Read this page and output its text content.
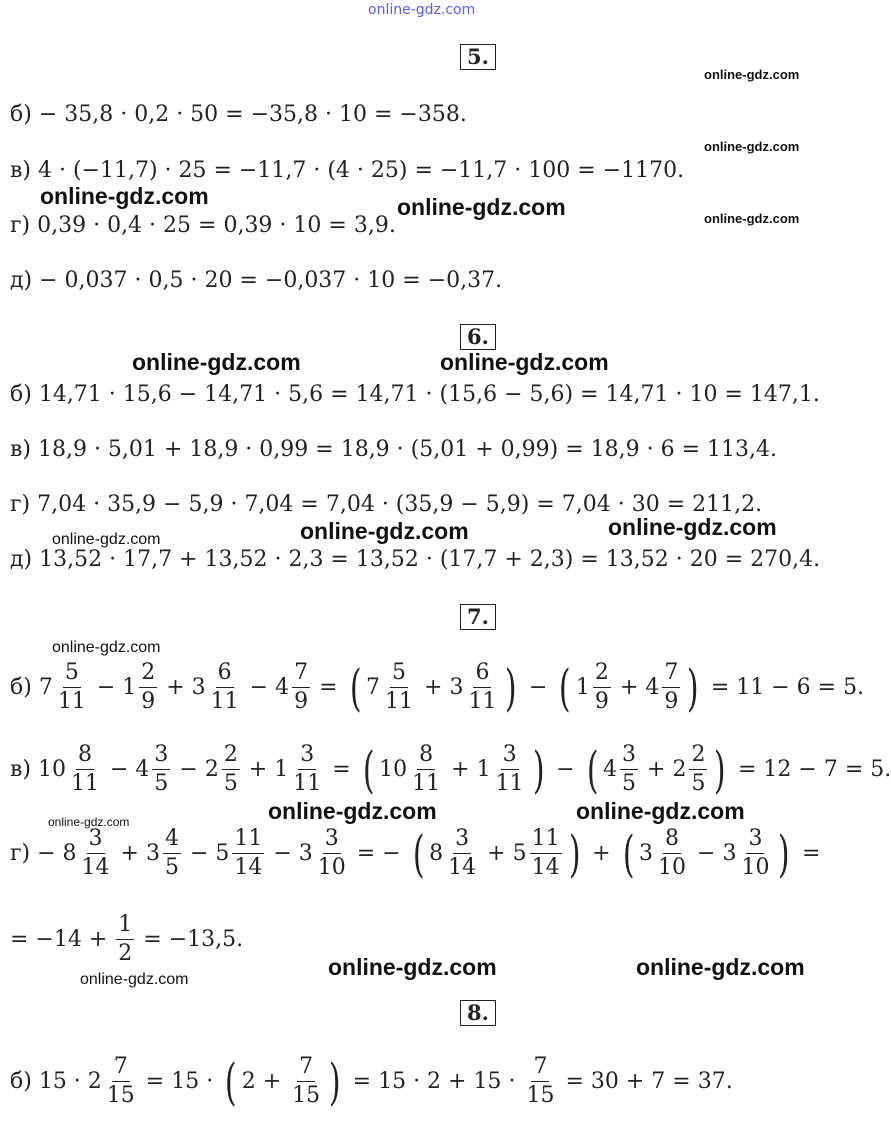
online-gdz.com
5.
б) − 35,8 · 0,2 · 50 = −35,8 · 10 = −358.
в) 4 · (−11,7) · 25 = −11,7 · (4 · 25) = −11,7 · 100 = −1170.
г) 0,39 · 0,4 · 25 = 0,39 · 10 = 3,9.
д) − 0,037 · 0,5 · 20 = −0,037 · 10 = −0,37.
6.
б) 14,71 · 15,6 − 14,71 · 5,6 = 14,71 · (15,6 − 5,6) = 14,71 · 10 = 147,1.
в) 18,9 · 5,01 + 18,9 · 0,99 = 18,9 · (5,01 + 0,99) = 18,9 · 6 = 113,4.
г) 7,04 · 35,9 − 5,9 · 7,04 = 7,04 · (35,9 − 5,9) = 7,04 · 30 = 211,2.
д) 13,52 · 17,7 + 13,52 · 2,3 = 13,52 · (17,7 + 2,3) = 13,52 · 20 = 270,4.
7.
б)
7
5
11
− 1
2
9
+ 3
6
11
− 4
7
9
= ( 7
5
11
+ 3
6
11 ) − ( 1
2
9
+ 4
7
9 )
= 11 − 6 = 5.
в)
10
8
11
− 4
3
5
− 2
2
5
+ 1
3
11
= ( 10
8
11
+ 1
3
11 ) − ( 4
3
5
+ 2
2
5 )
= 12 − 7 = 5.
г) − 8
3
14
+ 3
4
5
− 5
11
14
− 3
3
10
= − ( 8
3
14
+ 5
11
14 ) + ( 3
8
10
− 3
3
10 )
=
= −14 +
$\frac{1}{2}$
= −13,5.
8.
б) 15 · 2
7
15
= 15 · ( 2 +
7
15 ) = $15 \cdot 2 + 15 \cdot \frac{7}{15}$
= 30 + 7 = 37.
online-gdz.com
online-gdz.com
online-gdz.com
online-gdz.com	online-gdz.com
online-gdz.com	online-gdz.com
online-gdz.com	online-gdz.com	online-gdz.com
online-gdz.com
online-gdz.com	online-gdz.com
online-gdz.com
online-gdz.com	online-gdz.com
online-gdz.com
